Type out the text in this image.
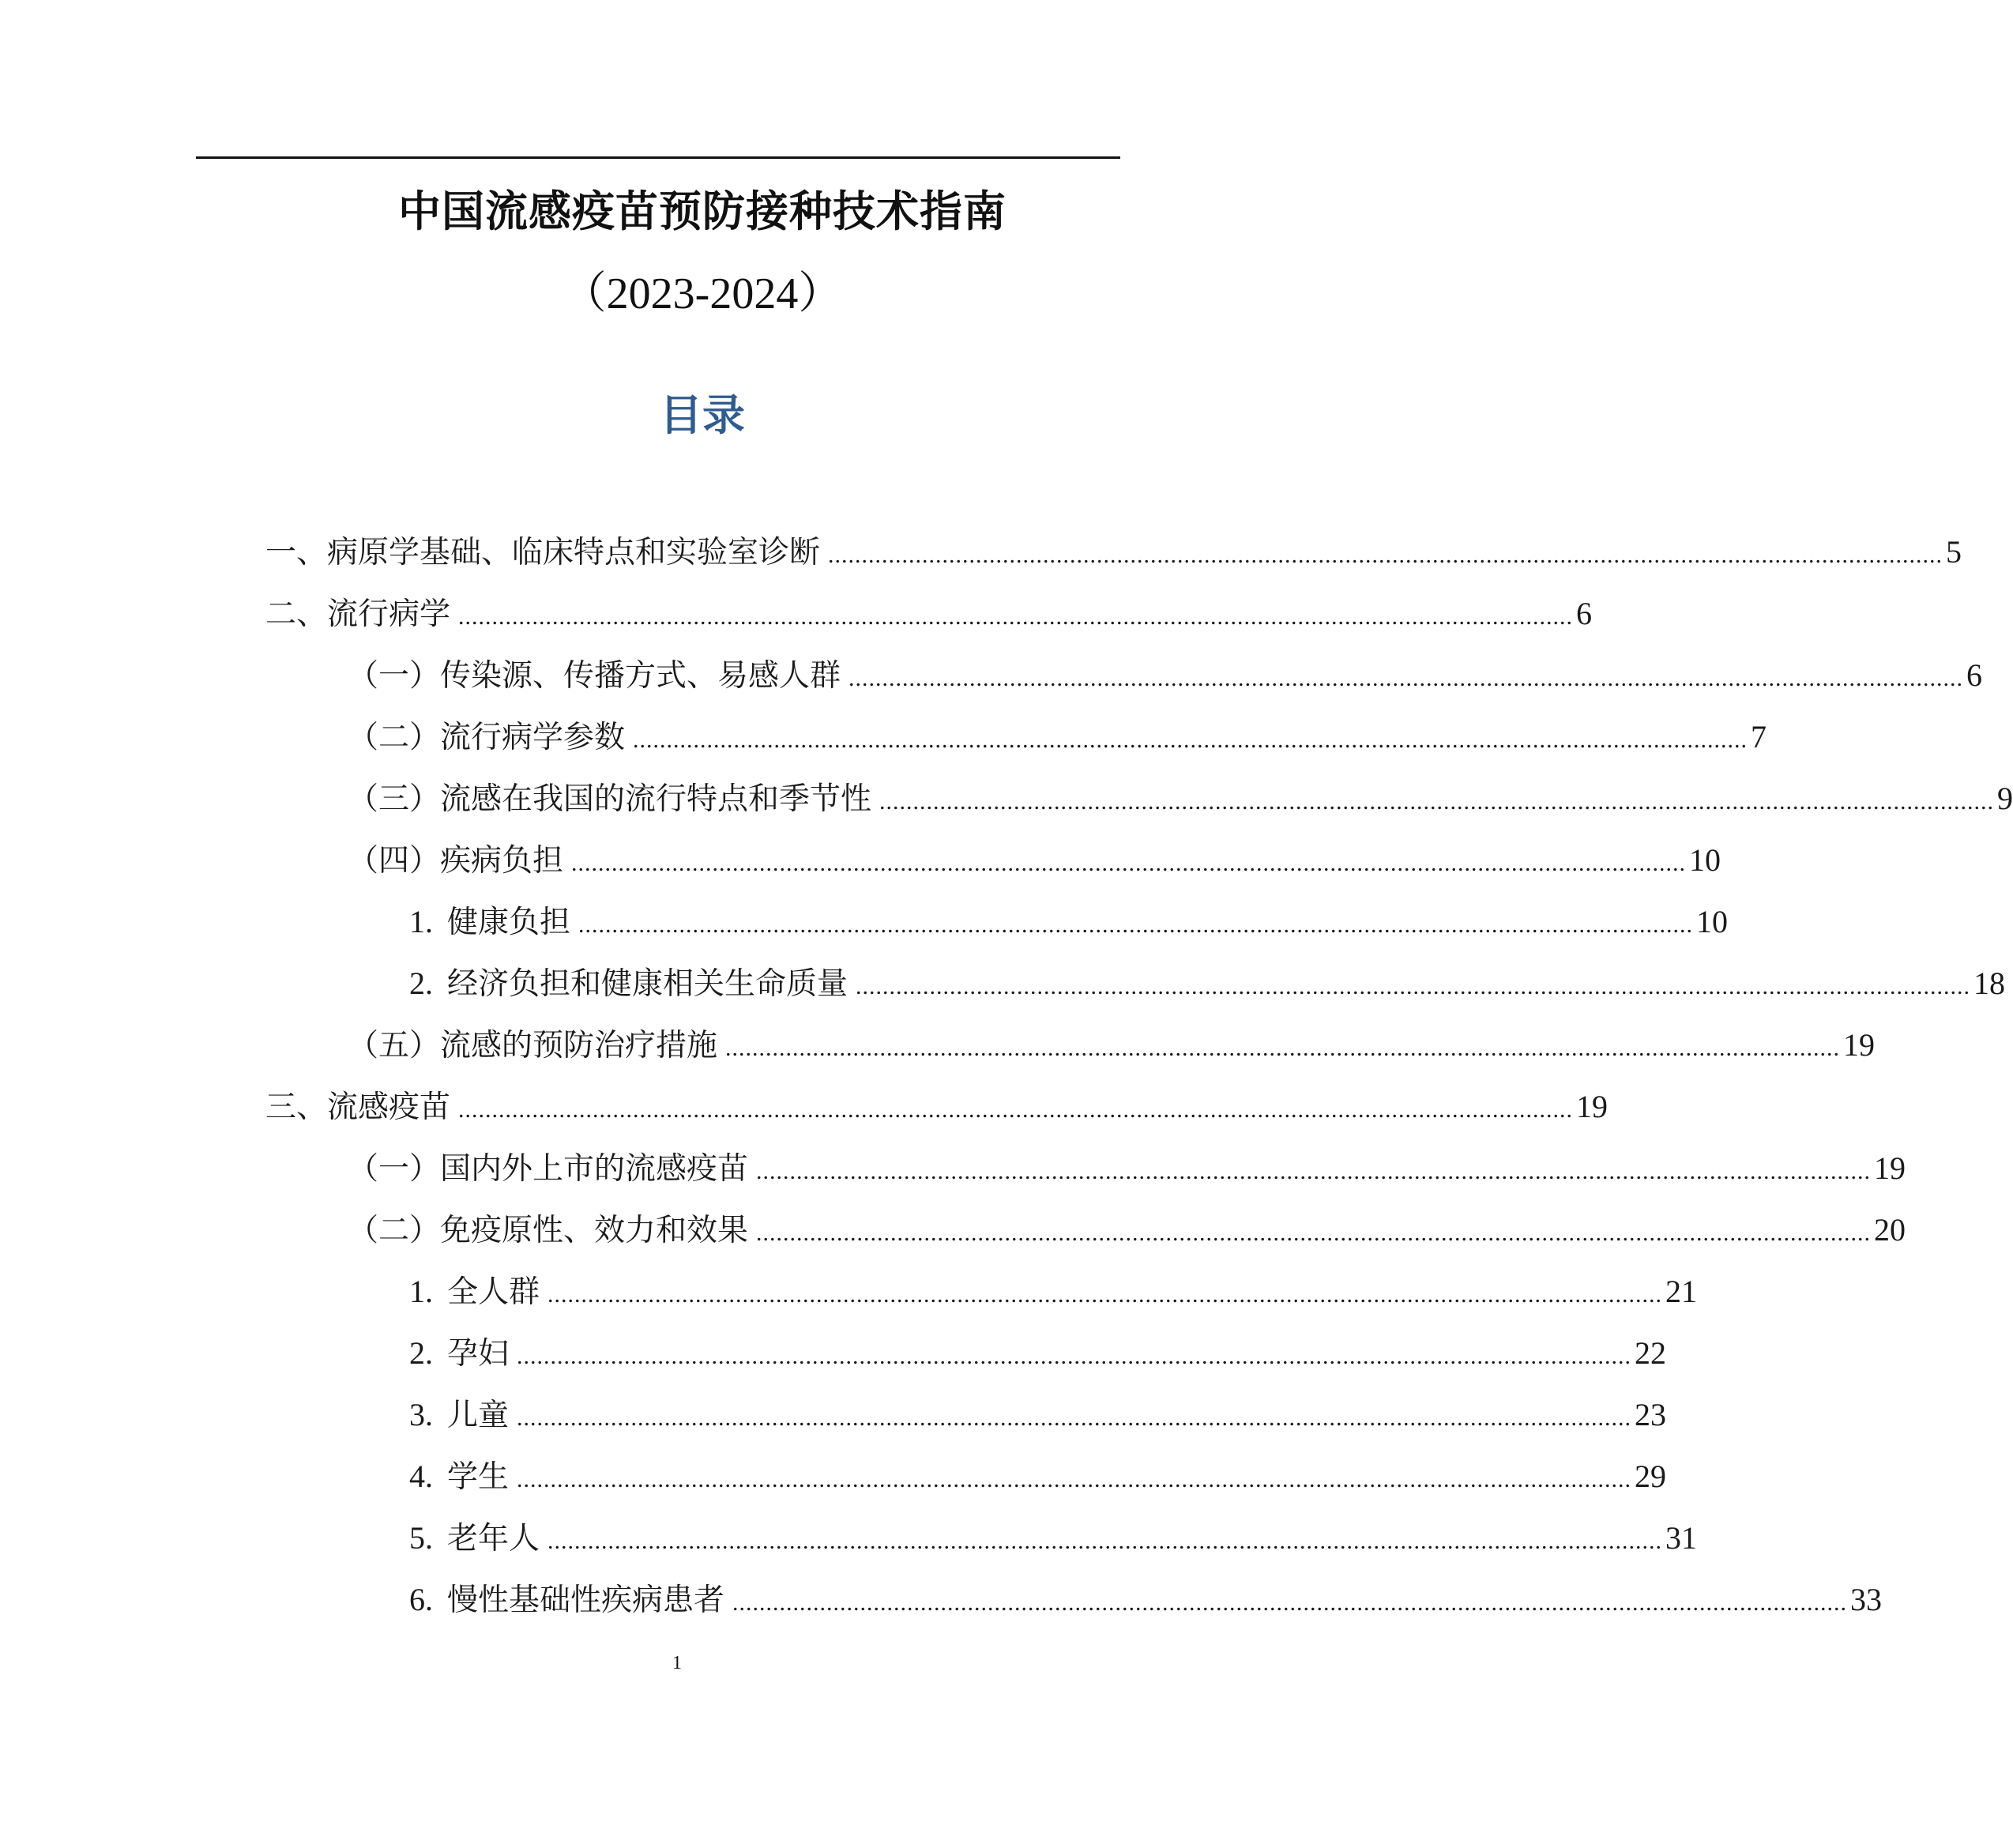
中国流感疫苗预防接种技术指南
（2023-2024）
目录
一、病原学基础、临床特点和实验室诊断 ...................................................................................................................................................................... 5
二、流行病学 ...................................................................................................................................................................... 6
（一）传染源、传播方式、易感人群 ...................................................................................................................................................................... 6
（二）流行病学参数 ...................................................................................................................................................................... 7
（三）流感在我国的流行特点和季节性 ...................................................................................................................................................................... 9
（四）疾病负担 ...................................................................................................................................................................... 10
1. 健康负担 ...................................................................................................................................................................... 10
2. 经济负担和健康相关生命质量 ...................................................................................................................................................................... 18
（五）流感的预防治疗措施 ...................................................................................................................................................................... 19
三、流感疫苗 ...................................................................................................................................................................... 19
（一）国内外上市的流感疫苗 ...................................................................................................................................................................... 19
（二）免疫原性、效力和效果 ...................................................................................................................................................................... 20
1. 全人群 ...................................................................................................................................................................... 21
2. 孕妇 ...................................................................................................................................................................... 22
3. 儿童 ...................................................................................................................................................................... 23
4. 学生 ...................................................................................................................................................................... 29
5. 老年人 ...................................................................................................................................................................... 31
6. 慢性基础性疾病患者 ...................................................................................................................................................................... 33
1
